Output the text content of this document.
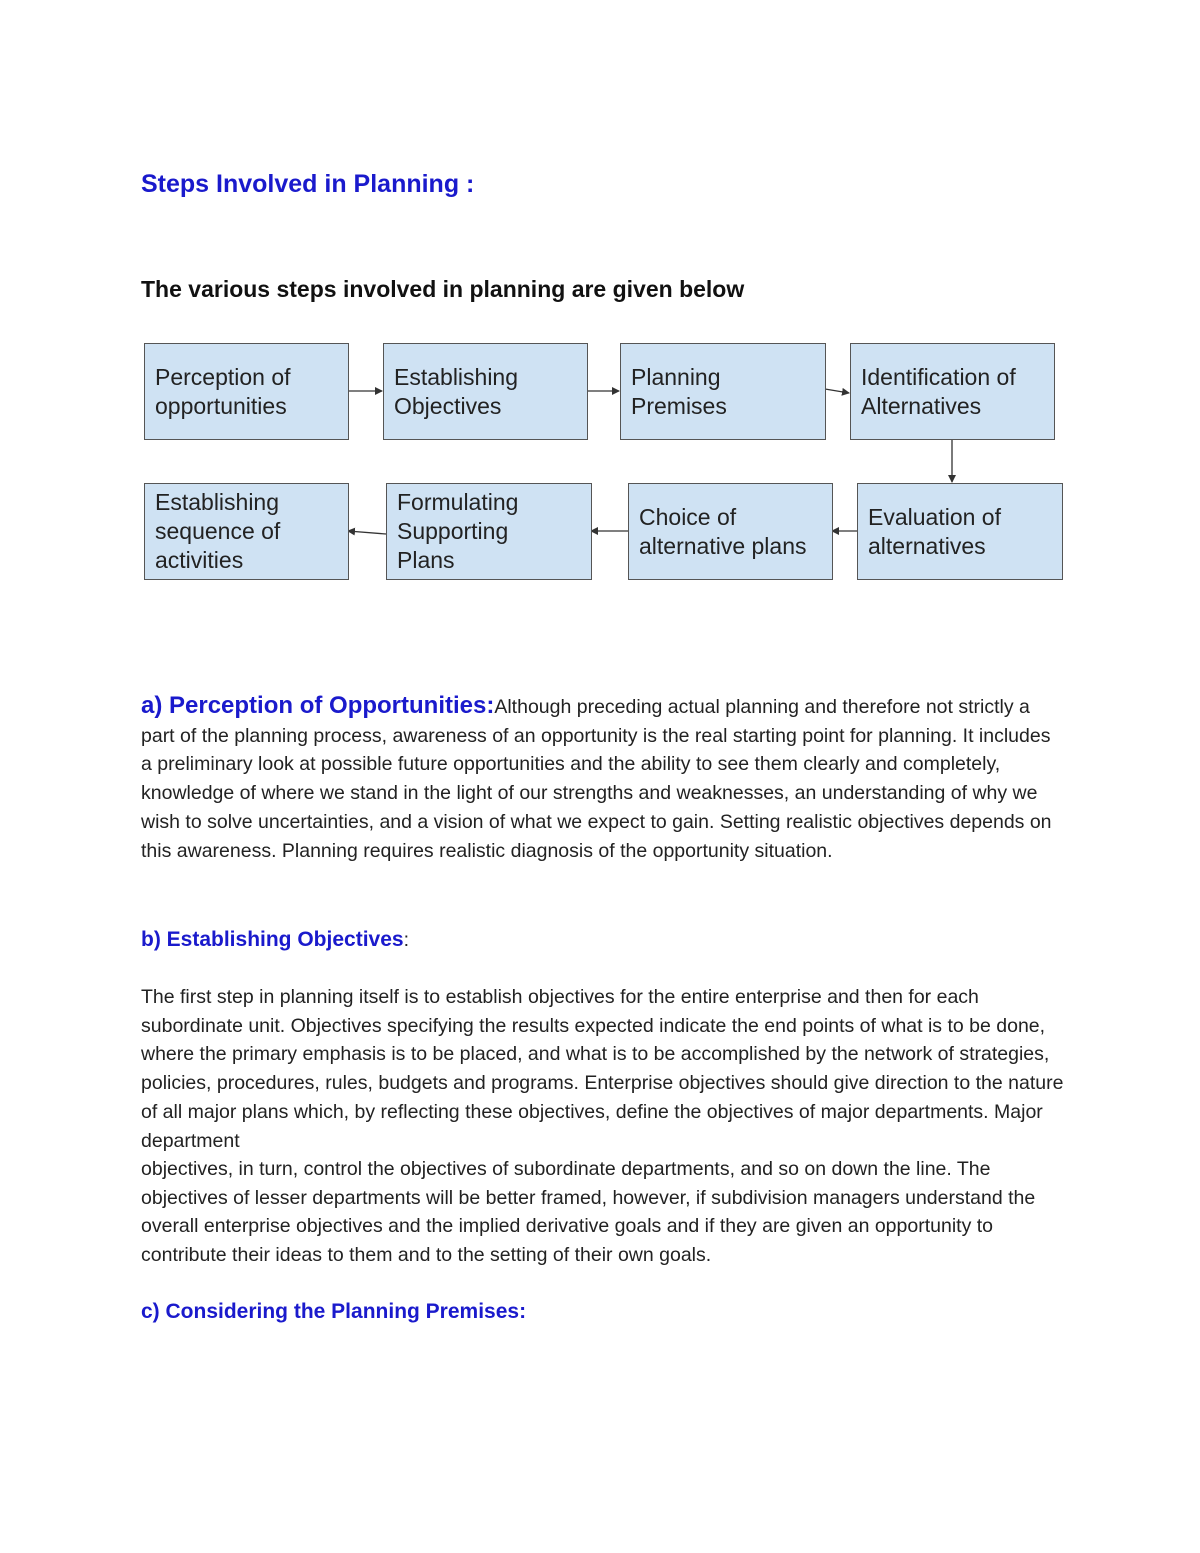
Steps Involved in Planning :
The various steps involved in planning are given below
Perception of
opportunities
Establishing
Objectives
Planning
Premises
Identification of
Alternatives
Evaluation of
alternatives
Choice of
alternative plans
Formulating
Supporting
Plans
Establishing
sequence of
activities

a) Perception of Opportunities:Although preceding actual planning and therefore not strictly a part of the planning process, awareness of an opportunity is the real starting point for planning. It includes a preliminary look at possible future opportunities and the ability to see them clearly and completely, knowledge of where we stand in the light of our strengths and weaknesses, an understanding of why we wish to solve uncertainties, and a vision of what we expect to gain. Setting realistic objectives depends on this awareness. Planning requires realistic diagnosis of the opportunity situation.

b) Establishing Objectives:

The first step in planning itself is to establish objectives for the entire enterprise and then for each subordinate unit. Objectives specifying the results expected indicate the end points of what is to be done, where the primary emphasis is to be placed, and what is to be accomplished by the network of strategies, policies, procedures, rules, budgets and programs. Enterprise objectives should give direction to the nature of all major plans which, by reflecting these objectives, define the objectives of major departments. Major department

objectives, in turn, control the objectives of subordinate departments, and so on down the line. The objectives of lesser departments will be better framed, however, if subdivision managers understand the overall enterprise objectives and the implied derivative goals and if they are given an opportunity to contribute their ideas to them and to the setting of their own goals.

c) Considering the Planning Premises:
